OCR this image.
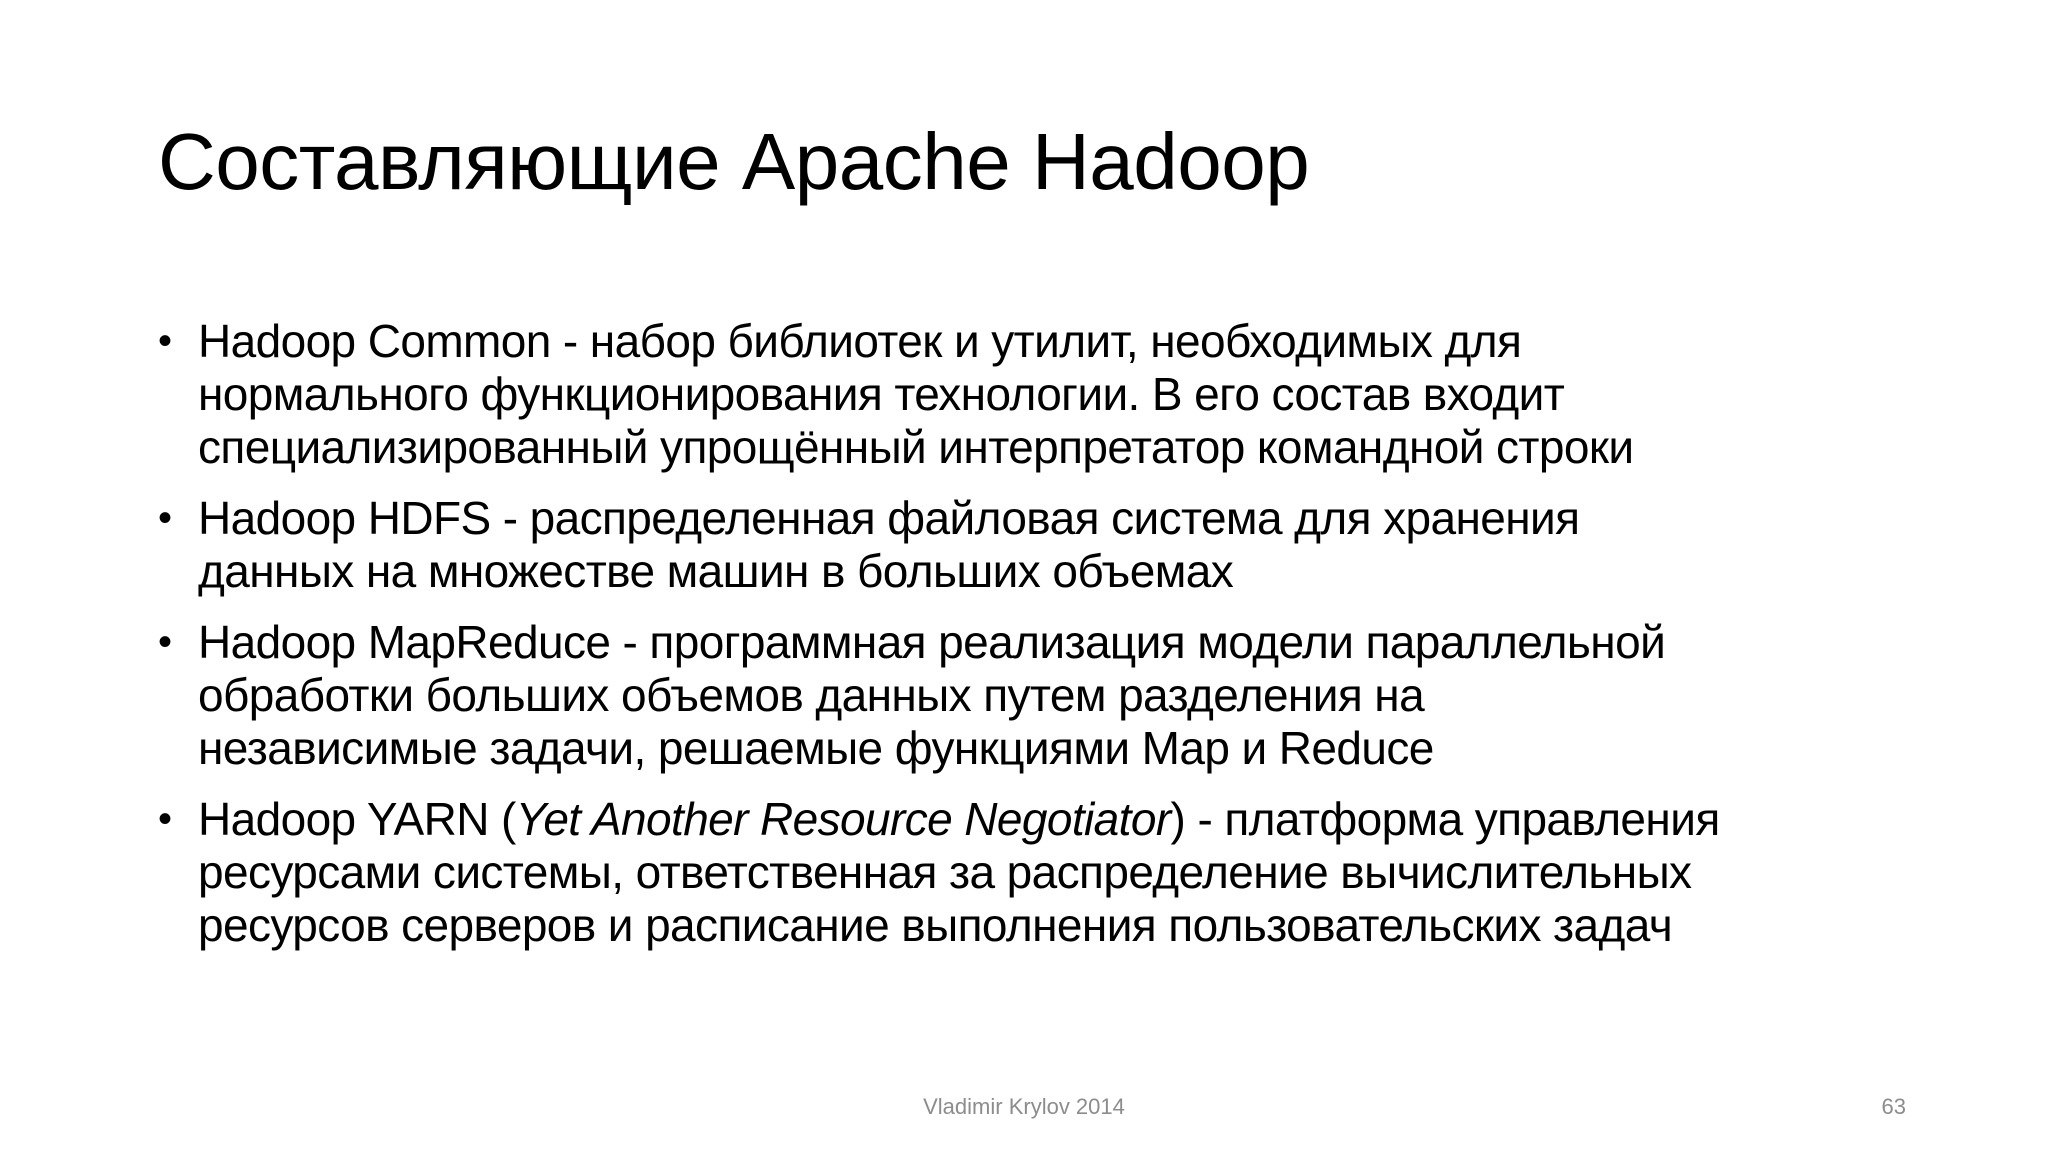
Составляющие Apache Hadoop
• Hadoop Common - набор библиотек и утилит, необходимых для
нормального функционирования технологии. В его состав входит
специализированный упрощённый интерпретатор командной строки
• Hadoop HDFS - распределенная файловая система для хранения
данных на множестве машин в больших объемах
• Hadoop MapReduce - программная реализация модели параллельной
обработки больших объемов данных путем разделения на
независимые задачи, решаемые функциями Map и Reduce
• Hadoop YARN (Yet Another Resource Negotiator) - платформа управления
ресурсами системы, ответственная за распределение вычислительных
ресурсов серверов и расписание выполнения пользовательских задач
Vladimir Krylov 2014	63
